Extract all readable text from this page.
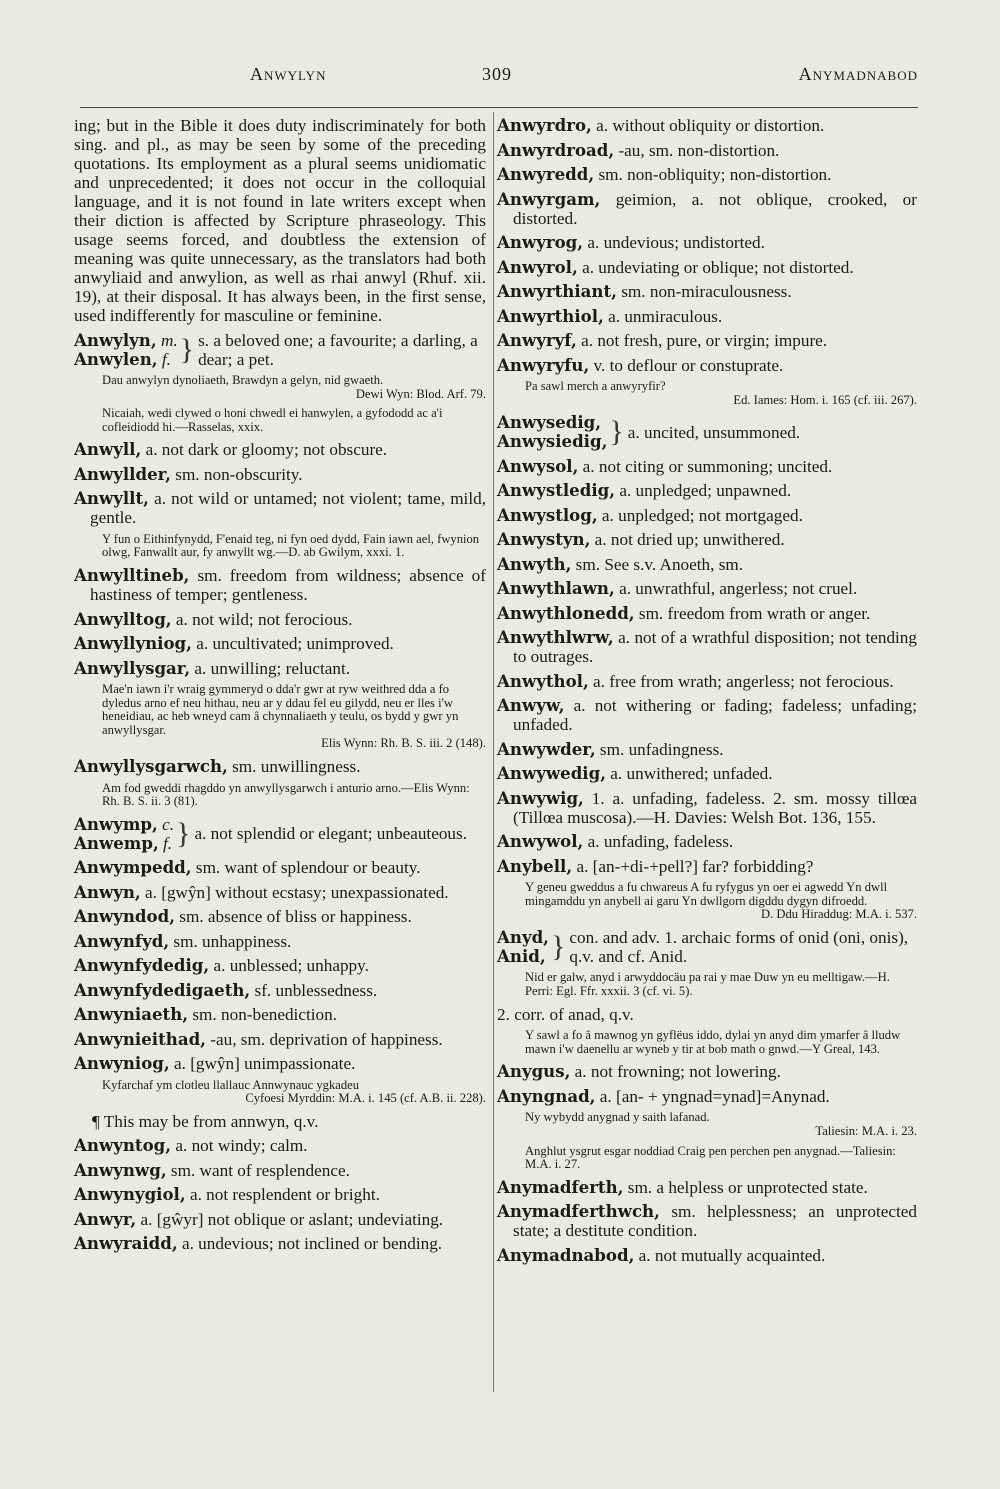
Anwylyn	309	Anymadnabod

ing; but in the Bible it does duty indiscriminately for both sing. and pl., as may be seen by some of the preceding quotations. Its employment as a plural seems unidiomatic and unprecedented; it does not occur in the colloquial language, and it is not found in late writers except when their diction is affected by Scripture phraseology. This usage seems forced, and doubtless the extension of meaning was quite unnecessary, as the translators had both anwyliaid and anwylion, as well as rhai anwyl (Rhuf. xii. 19), at their disposal. It has always been, in the first sense, used indifferently for masculine or feminine.

Anwylyn, m.
Anwylen, f. } s. a beloved one; a favourite; a darling, a dear; a pet.
Dau anwylyn dynoliaeth, Brawdyn a gelyn, nid gwaeth.
Dewi Wyn: Blod. Arf. 79.
Nicaiah, wedi clywed o honi chwedl ei hanwylen, a gyfododd ac a'i cofleidiodd hi.—Rasselas, xxix.

Anwyll, a. not dark or gloomy; not obscure.

Anwyllder, sm. non-obscurity.

Anwyllt, a. not wild or untamed; not violent; tame, mild, gentle.

Y fun o Eithinfynydd, F'enaid teg, ni fyn oed dydd, Fain iawn ael, fwynion olwg, Fanwallt aur, fy anwyllt wg.—D. ab Gwilym, xxxi. 1.

Anwylltineb, sm. freedom from wildness; absence of hastiness of temper; gentleness.

Anwylltog, a. not wild; not ferocious.

Anwyllyniog, a. uncultivated; unimproved.

Anwyllysgar, a. unwilling; reluctant.

Mae'n iawn i'r wraig gymmeryd o dda'r gwr at ryw weithred dda a fo dyledus arno ef neu hithau, neu ar y ddau fel eu gilydd, neu er lles i'w heneidiau, ac heb wneyd cam â chynnaliaeth y teulu, os bydd y gwr yn anwyllysgar.
Elis Wynn: Rh. B. S. iii. 2 (148).

Anwyllysgarwch, sm. unwillingness.

Am fod gweddi rhagddo yn anwyllysgarwch i anturio arno.—Elis Wynn: Rh. B. S. ii. 3 (81).
Anwymp, c.
Anwemp, f. } a. not splendid or elegant; unbeauteous.

Anwympedd, sm. want of splendour or beauty.

Anwyn, a. [gwŷn] without ecstasy; unexpassionated.

Anwyndod, sm. absence of bliss or happiness.

Anwynfyd, sm. unhappiness.

Anwynfydedig, a. unblessed; unhappy.

Anwynfydedigaeth, sf. unblessedness.

Anwyniaeth, sm. non-benediction.

Anwynieithad, -au, sm. deprivation of happiness.

Anwyniog, a. [gwŷn] unimpassionate.

Kyfarchaf ym clotleu llallauc Annwynauc ygkadeu
Cyfoesi Myrddin: M.A. i. 145 (cf. A.B. ii. 228).

¶ This may be from annwyn, q.v.

Anwyntog, a. not windy; calm.

Anwynwg, sm. want of resplendence.

Anwynygiol, a. not resplendent or bright.

Anwyr, a. [gŵyr] not oblique or aslant; undeviating.

Anwyraidd, a. undevious; not inclined or bending.

Anwyrdro, a. without obliquity or distortion.

Anwyrdroad, -au, sm. non-distortion.

Anwyredd, sm. non-obliquity; non-distortion.

Anwyrgam, geimion, a. not oblique, crooked, or distorted.

Anwyrog, a. undevious; undistorted.

Anwyrol, a. undeviating or oblique; not distorted.

Anwyrthiant, sm. non-miraculousness.

Anwyrthiol, a. unmiraculous.

Anwyryf, a. not fresh, pure, or virgin; impure.

Anwyryfu, v. to deflour or constuprate.

Pa sawl merch a anwyryfir?
Ed. Iames: Hom. i. 165 (cf. iii. 267).
Anwysedig,
Anwysiedig, } a. uncited, unsummoned.

Anwysol, a. not citing or summoning; uncited.

Anwystledig, a. unpledged; unpawned.

Anwystlog, a. unpledged; not mortgaged.

Anwystyn, a. not dried up; unwithered.

Anwyth, sm. See s.v. Anoeth, sm.

Anwythlawn, a. unwrathful, angerless; not cruel.

Anwythlonedd, sm. freedom from wrath or anger.

Anwythlwrw, a. not of a wrathful disposition; not tending to outrages.

Anwythol, a. free from wrath; angerless; not ferocious.

Anwyw, a. not withering or fading; fadeless; unfading; unfaded.

Anwywder, sm. unfadingness.

Anwywedig, a. unwithered; unfaded.

Anwywig, 1. a. unfading, fadeless. 2. sm. mossy tillœa (Tillœa muscosa).—H. Davies: Welsh Bot. 136, 155.

Anwywol, a. unfading, fadeless.

Anybell, a. [an-+di-+pell?] far? forbidding?

Y geneu gweddus a fu chwareus A fu ryfygus yn oer ei agwedd Yn dwll mingamddu yn anybell ai garu Yn dwllgorn digddu dygyn difroedd.
D. Ddu Hiraddug: M.A. i. 537.
Anyd,
Anid, } con. and adv. 1. archaic forms of onid (oni, onis), q.v. and cf. Anid.
Nid er galw, anyd i arwyddocäu pa rai y mae Duw yn eu melltigaw.—H. Perri: Egl. Ffr. xxxii. 3 (cf. vi. 5).

2. corr. of anad, q.v.

Y sawl a fo â mawnog yn gyflëus iddo, dylai yn anyd dim ymarfer â lludw mawn i'w daenellu ar wyneb y tir at bob math o gnwd.—Y Greal, 143.

Anygus, a. not frowning; not lowering.

Anyngnad, a. [an- + yngnad=ynad]=Anynad.

Ny wybydd anygnad y saith lafanad.
Taliesin: M.A. i. 23.
Anghlut ysgrut esgar noddiad Craig pen perchen pen anygnad.—Taliesin: M.A. i. 27.

Anymadferth, sm. a helpless or unprotected state.

Anymadferthwch, sm. helplessness; an unprotected state; a destitute condition.

Anymadnabod, a. not mutually acquainted.
